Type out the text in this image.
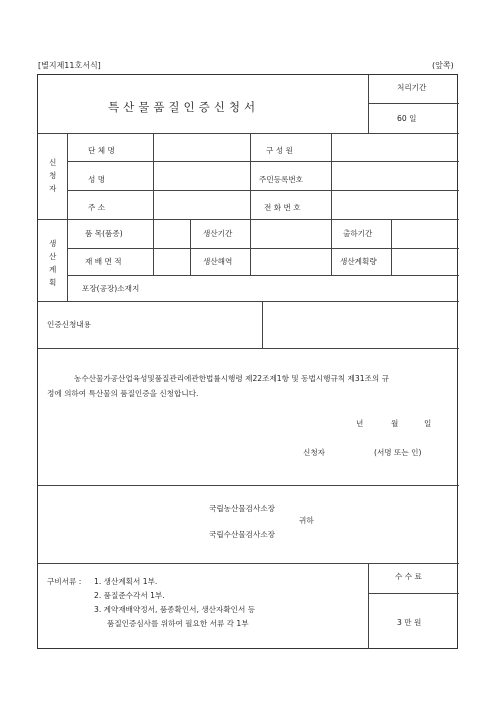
[별지제11호서식]	(앞쪽)
특산물품질인증신청서
처리기간
60 일
신
청
자
단 체 명	구 성 원
성 명	주민등록번호
주 소	전 화 번 호
생
산
계
획
품 목(품종)	생산기간	출하기간
재 배 면 적	생산해역	생산계획량
포장(공장)소재지
인증신청내용
농수산물가공산업육성및품질관리에관한법률시행령 제22조제1항 및 동법시행규칙 제31조의 규
정에 의하여 특산물의 품질인증을 신청합니다.
년	월	일
신청자	(서명 또는 인)
국립농산물검사소장
귀하
국립수산물검사소장
구비서류 : 1. 생산계획서 1부.
2. 품질준수각서 1부.
3. 계약재배약정서, 품종확인서, 생산자확인서 등
품질인증심사를 위하여 필요한 서류 각 1부
수 수 료
3 만 원
